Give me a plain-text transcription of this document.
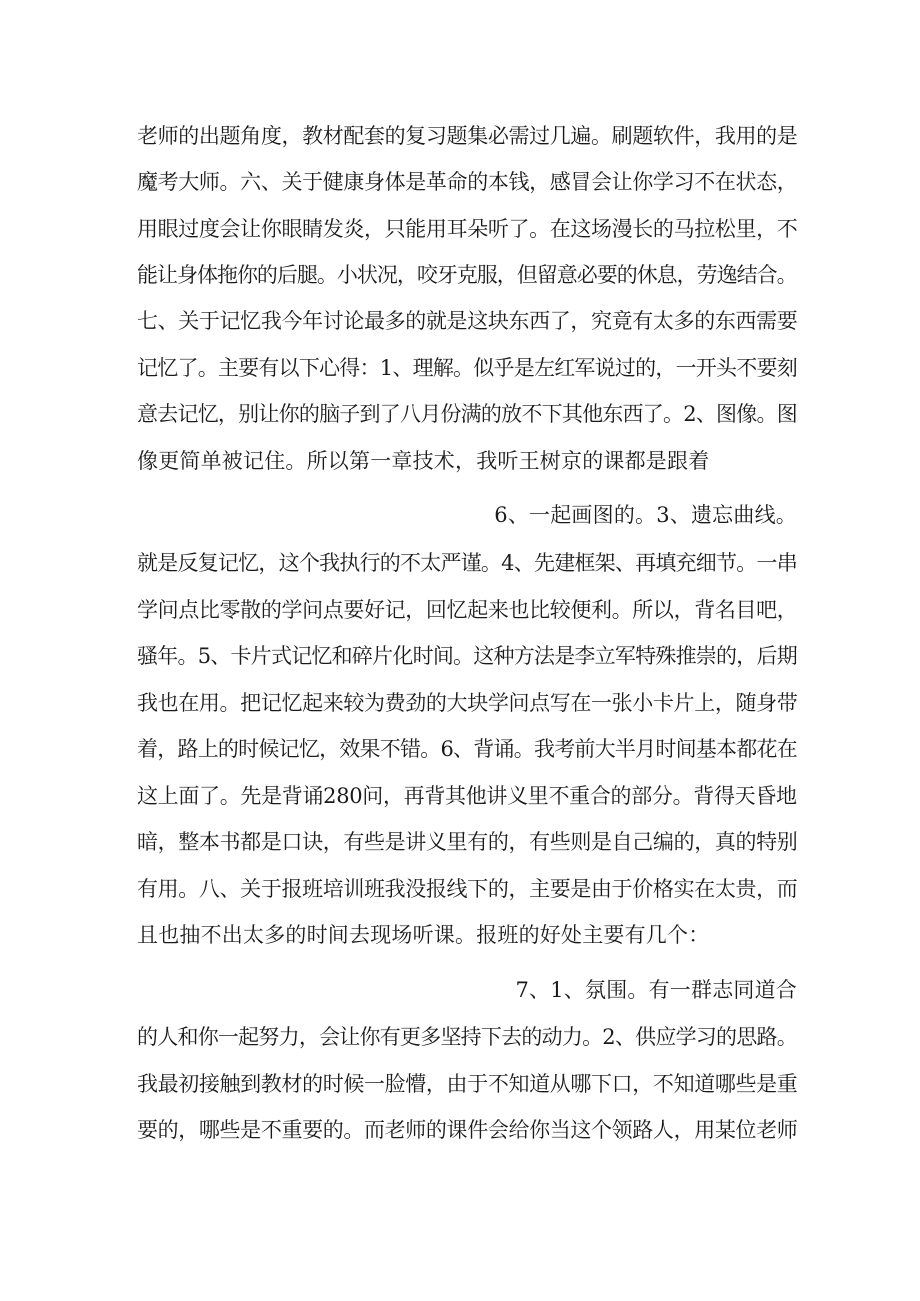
老师的出题角度，教材配套的复习题集必需过几遍。刷题软件，我用的是
魔考大师。六、关于健康身体是革命的本钱，感冒会让你学习不在状态，
用眼过度会让你眼睛发炎，只能用耳朵听了。在这场漫长的马拉松里，不
能让身体拖你的后腿。小状况，咬牙克服，但留意必要的休息，劳逸结合。
七、关于记忆我今年讨论最多的就是这块东西了，究竟有太多的东西需要
记忆了。主要有以下心得：1、理解。似乎是左红军说过的，一开头不要刻
意去记忆，别让你的脑子到了八月份满的放不下其他东西了。2、图像。图
像更简单被记住。所以第一章技术，我听王树京的课都是跟着
6、一起画图的。3、遗忘曲线。
就是反复记忆，这个我执行的不太严谨。4、先建框架、再填充细节。一串
学问点比零散的学问点要好记，回忆起来也比较便利。所以，背名目吧，
骚年。5、卡片式记忆和碎片化时间。这种方法是李立军特殊推崇的，后期
我也在用。把记忆起来较为费劲的大块学问点写在一张小卡片上，随身带
着，路上的时候记忆，效果不错。6、背诵。我考前大半月时间基本都花在
这上面了。先是背诵280问，再背其他讲义里不重合的部分。背得天昏地
暗，整本书都是口诀，有些是讲义里有的，有些则是自己编的，真的特别
有用。八、关于报班培训班我没报线下的，主要是由于价格实在太贵，而
且也抽不出太多的时间去现场听课。报班的好处主要有几个：
7、1、氛围。有一群志同道合
的人和你一起努力，会让你有更多坚持下去的动力。2、供应学习的思路。
我最初接触到教材的时候一脸懵，由于不知道从哪下口，不知道哪些是重
要的，哪些是不重要的。而老师的课件会给你当这个领路人，用某位老师
